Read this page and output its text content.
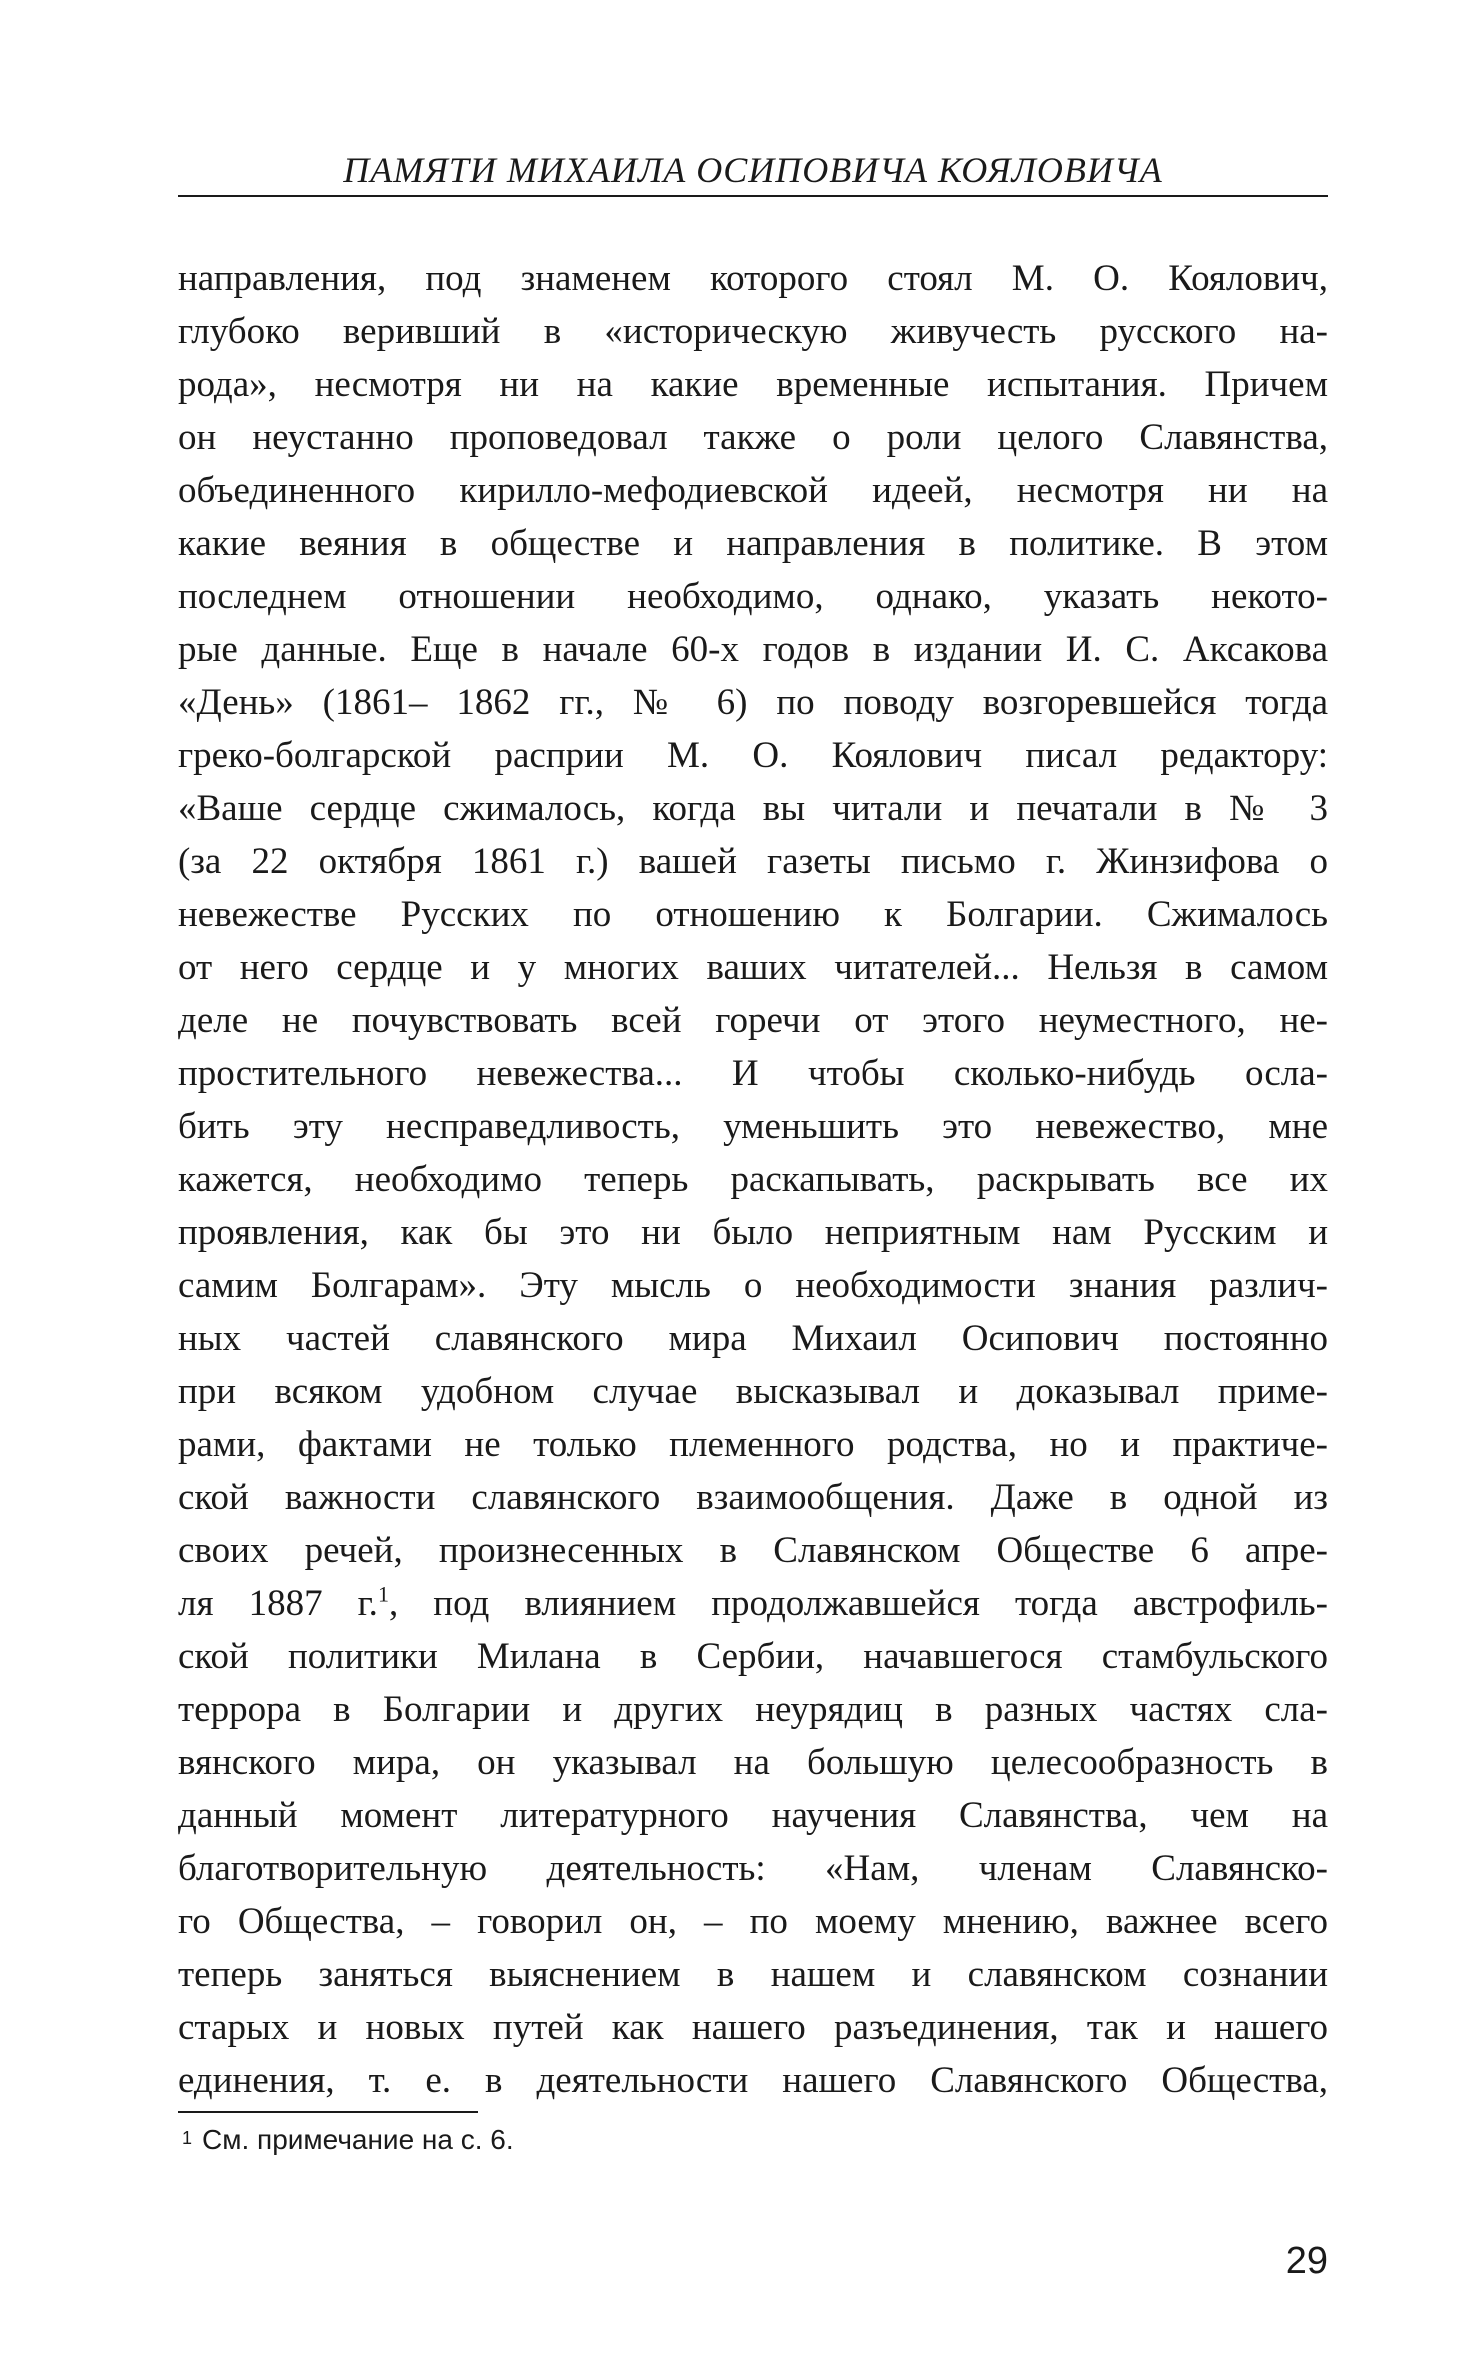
ПАМЯТИ МИХАИЛА ОСИПОВИЧА КОЯЛОВИЧА
направления, под знаменем которого стоял М. О. Коялович,
глубоко веривший в «историческую живучесть русского на-
рода», несмотря ни на какие временные испытания. Причем
он неустанно проповедовал также о роли целого Славянства,
объединенного кирилло-мефодиевской идеей, несмотря ни на
какие веяния в обществе и направления в политике. В этом
последнем отношении необходимо, однако, указать некото-
рые данные. Еще в начале 60-х годов в издании И. С. Аксакова
«День» (1861– 1862 гг., № 6) по поводу возгоревшейся тогда
греко-болгарской расприи М. О. Коялович писал редактору:
«Ваше сердце сжималось, когда вы читали и печатали в № 3
(за 22 октября 1861 г.) вашей газеты письмо г. Жинзифова о
невежестве Русских по отношению к Болгарии. Сжималось
от него сердце и у многих ваших читателей... Нельзя в самом
деле не почувствовать всей горечи от этого неуместного, не-
простительного невежества... И чтобы сколько-нибудь осла-
бить эту несправедливость, уменьшить это невежество, мне
кажется, необходимо теперь раскапывать, раскрывать все их
проявления, как бы это ни было неприятным нам Русским и
самим Болгарам». Эту мысль о необходимости знания различ-
ных частей славянского мира Михаил Осипович постоянно
при всяком удобном случае высказывал и доказывал приме-
рами, фактами не только племенного родства, но и практиче-
ской важности славянского взаимообщения. Даже в одной из
своих речей, произнесенных в Славянском Обществе 6 апре-
ля 1887 г.$^1$, под влиянием продолжавшейся тогда австрофиль-
ской политики Милана в Сербии, начавшегося стамбульского
террора в Болгарии и других неурядиц в разных частях сла-
вянского мира, он указывал на большую целесообразность в
данный момент литературного научения Славянства, чем на
благотворительную деятельность: «Нам, членам Славянско-
го Общества, – говорил он, – по моему мнению, важнее всего
теперь заняться выяснением в нашем и славянском сознании
старых и новых путей как нашего разъединения, так и нашего
единения, т. е. в деятельности нашего Славянского Общества,
$^1$ См. примечание на с. 6.
29
